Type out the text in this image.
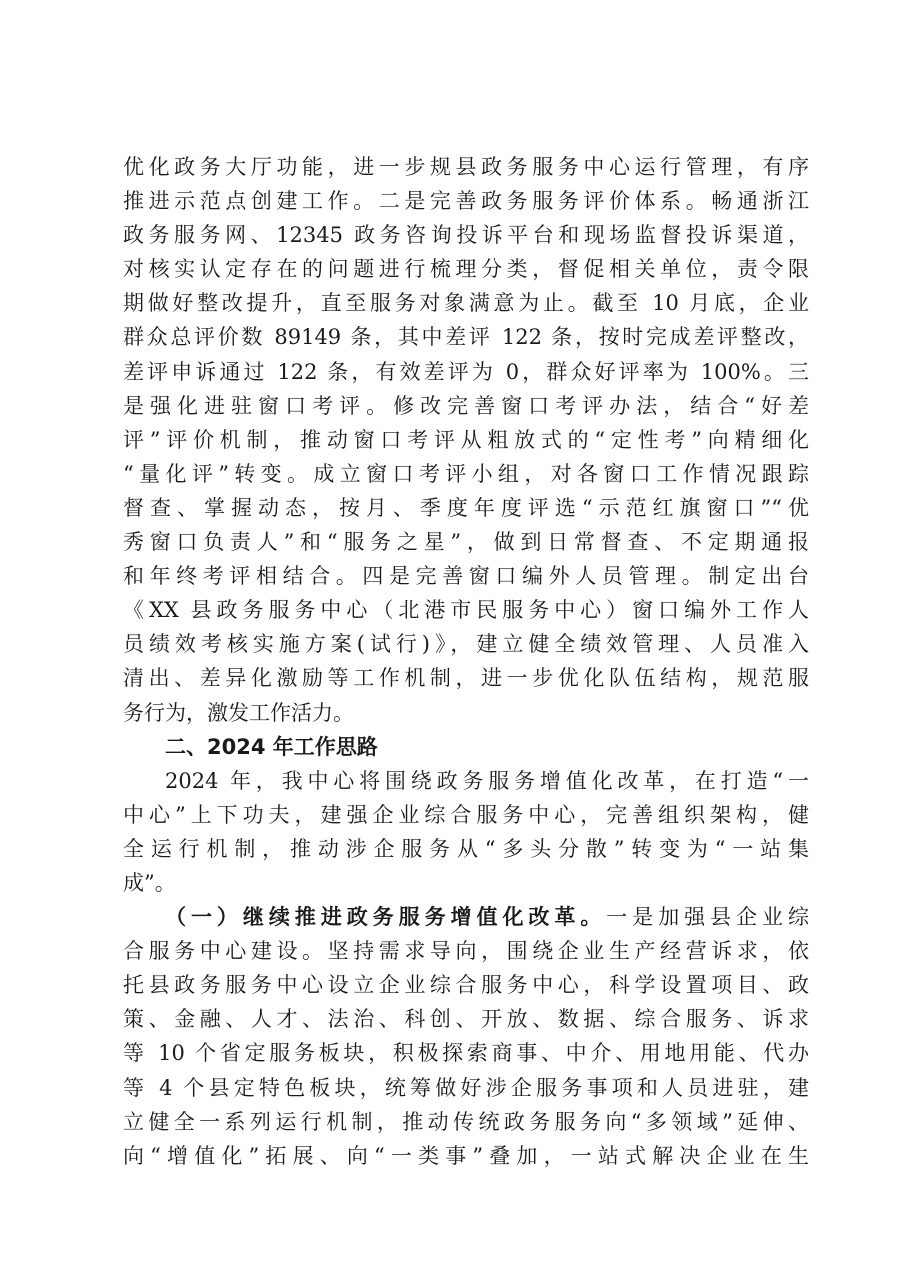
优化政务大厅功能，进一步规县政务服务中心运行管理，有序
推进示范点创建工作。二是完善政务服务评价体系。畅通浙江
政务服务网、12345 政务咨询投诉平台和现场监督投诉渠道，
对核实认定存在的问题进行梳理分类，督促相关单位，责令限
期做好整改提升，直至服务对象满意为止。截至 10 月底，企业
群众总评价数 89149 条，其中差评 122 条，按时完成差评整改，
差评申诉通过 122 条，有效差评为 0，群众好评率为 100%。三
是强化进驻窗口考评。修改完善窗口考评办法，结合“好差
评”评价机制，推动窗口考评从粗放式的“定性考”向精细化
“量化评”转变。成立窗口考评小组，对各窗口工作情况跟踪
督查、掌握动态，按月、季度年度评选“示范红旗窗口”“优
秀窗口负责人”和“服务之星”，做到日常督查、不定期通报
和年终考评相结合。四是完善窗口编外人员管理。制定出台
《XX 县政务服务中心（北港市民服务中心）窗口编外工作人
员绩效考核实施方案(试行)》，建立健全绩效管理、人员准入
清出、差异化激励等工作机制，进一步优化队伍结构，规范服
务行为，激发工作活力。
二、2024 年工作思路
2024 年，我中心将围绕政务服务增值化改革，在打造“一
中心”上下功夫，建强企业综合服务中心，完善组织架构，健
全运行机制，推动涉企服务从“多头分散”转变为“一站集
成”。
（一）继续推进政务服务增值化改革。一是加强县企业综
合服务中心建设。坚持需求导向，围绕企业生产经营诉求，依
托县政务服务中心设立企业综合服务中心，科学设置项目、政
策、金融、人才、法治、科创、开放、数据、综合服务、诉求
等 10 个省定服务板块，积极探索商事、中介、用地用能、代办
等 4 个县定特色板块，统筹做好涉企服务事项和人员进驻，建
立健全一系列运行机制，推动传统政务服务向“多领域”延伸、
向“增值化”拓展、向“一类事”叠加，一站式解决企业在生
